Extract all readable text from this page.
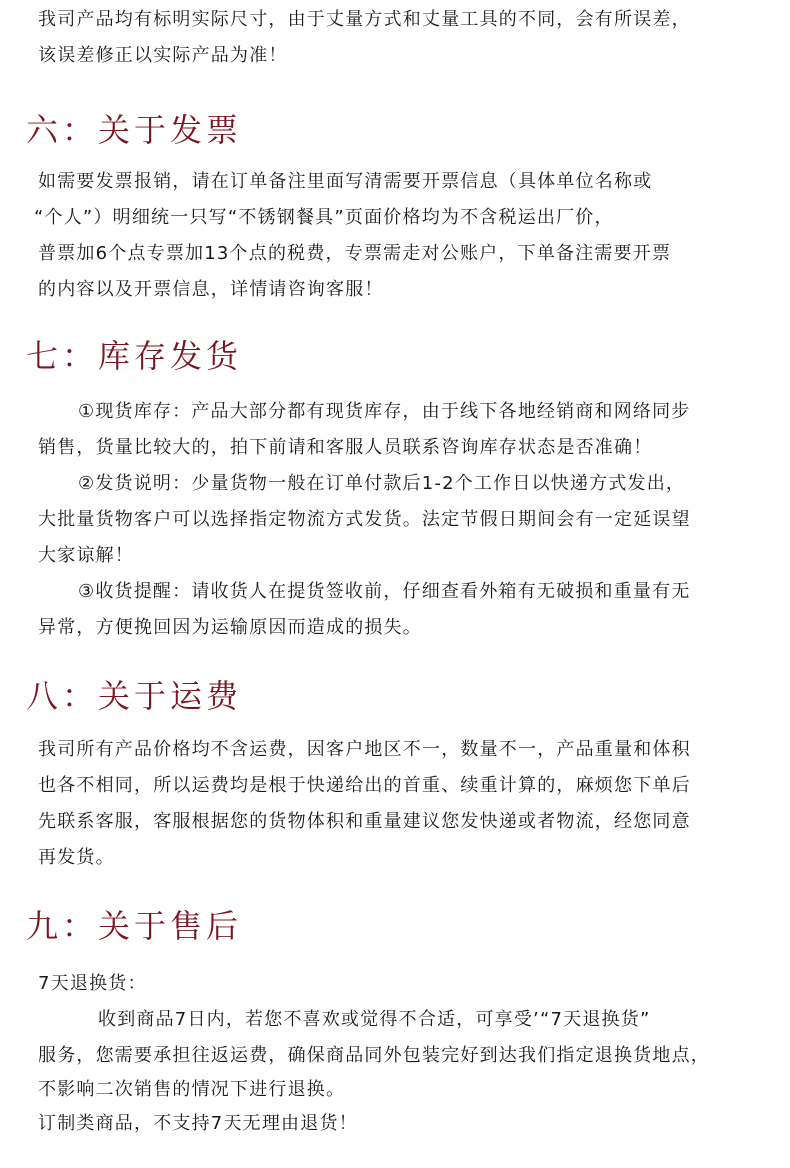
我司产品均有标明实际尺寸，由于丈量方式和丈量工具的不同，会有所误差，
该误差修正以实际产品为准！
六：关于发票
如需要发票报销，请在订单备注里面写清需要开票信息（具体单位名称或
“个人”）明细统一只写“不锈钢餐具”页面价格均为不含税运出厂价，
普票加6个点专票加13个点的税费，专票需走对公账户，下单备注需要开票
的内容以及开票信息，详情请咨询客服！
七：库存发货
①现货库存：产品大部分都有现货库存，由于线下各地经销商和网络同步
销售，货量比较大的，拍下前请和客服人员联系咨询库存状态是否准确！
②发货说明：少量货物一般在订单付款后1-2个工作日以快递方式发出，
大批量货物客户可以选择指定物流方式发货。法定节假日期间会有一定延误望
大家谅解！
③收货提醒：请收货人在提货签收前，仔细查看外箱有无破损和重量有无
异常，方便挽回因为运输原因而造成的损失。
八：关于运费
我司所有产品价格均不含运费，因客户地区不一，数量不一，产品重量和体积
也各不相同，所以运费均是根于快递给出的首重、续重计算的，麻烦您下单后
先联系客服，客服根据您的货物体积和重量建议您发快递或者物流，经您同意
再发货。
九：关于售后
7天退换货：
收到商品7日内，若您不喜欢或觉得不合适，可享受’“7天退换货”
服务，您需要承担往返运费，确保商品同外包装完好到达我们指定退换货地点，
不影响二次销售的情况下进行退换。
订制类商品，不支持7天无理由退货！
